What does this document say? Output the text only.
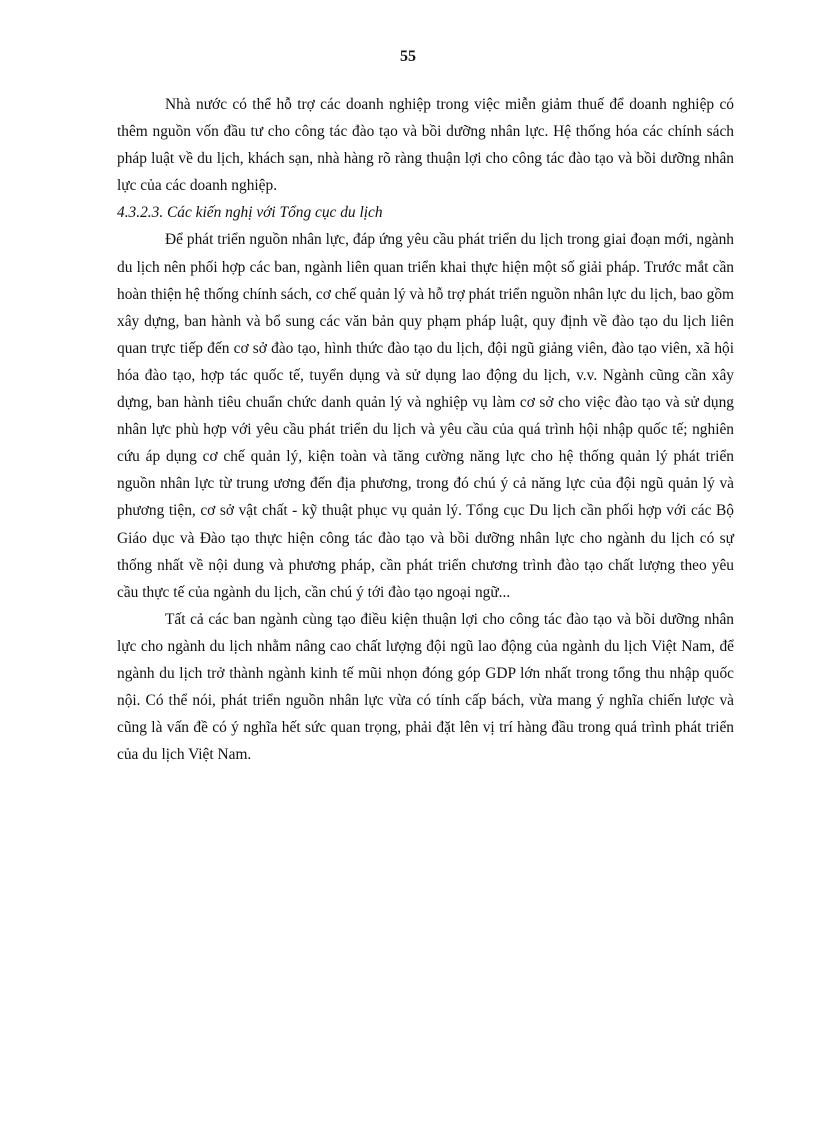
55

Nhà nước có thể hỗ trợ các doanh nghiệp trong việc miễn giảm thuế để doanh nghiệp có thêm nguồn vốn đầu tư cho công tác đào tạo và bồi dưỡng nhân lực. Hệ thống hóa các chính sách pháp luật về du lịch, khách sạn, nhà hàng rõ ràng thuận lợi cho công tác đào tạo và bồi dưỡng nhân lực của các doanh nghiệp.

4.3.2.3. Các kiến nghị với Tổng cục du lịch

Để phát triển nguồn nhân lực, đáp ứng yêu cầu phát triển du lịch trong giai đoạn mới, ngành du lịch nên phối hợp các ban, ngành liên quan triển khai thực hiện một số giải pháp. Trước mắt cần hoàn thiện hệ thống chính sách, cơ chế quản lý và hỗ trợ phát triển nguồn nhân lực du lịch, bao gồm xây dựng, ban hành và bổ sung các văn bản quy phạm pháp luật, quy định về đào tạo du lịch liên quan trực tiếp đến cơ sở đào tạo, hình thức đào tạo du lịch, đội ngũ giảng viên, đào tạo viên, xã hội hóa đào tạo, hợp tác quốc tế, tuyển dụng và sử dụng lao động du lịch, v.v. Ngành cũng cần xây dựng, ban hành tiêu chuẩn chức danh quản lý và nghiệp vụ làm cơ sở cho việc đào tạo và sử dụng nhân lực phù hợp với yêu cầu phát triển du lịch và yêu cầu của quá trình hội nhập quốc tế; nghiên cứu áp dụng cơ chế quản lý, kiện toàn và tăng cường năng lực cho hệ thống quản lý phát triển nguồn nhân lực từ trung ương đến địa phương, trong đó chú ý cả năng lực của đội ngũ quản lý và phương tiện, cơ sở vật chất - kỹ thuật phục vụ quản lý. Tổng cục Du lịch cần phối hợp với các Bộ Giáo dục và Đào tạo thực hiện công tác đào tạo và bồi dưỡng nhân lực cho ngành du lịch có sự thống nhất về nội dung và phương pháp, cần phát triển chương trình đào tạo chất lượng theo yêu cầu thực tế của ngành du lịch, cần chú ý tới đào tạo ngoại ngữ...

Tất cả các ban ngành cùng tạo điều kiện thuận lợi cho công tác đào tạo và bồi dưỡng nhân lực cho ngành du lịch nhằm nâng cao chất lượng đội ngũ lao động của ngành du lịch Việt Nam, để ngành du lịch trở thành ngành kinh tế mũi nhọn đóng góp GDP lớn nhất trong tổng thu nhập quốc nội. Có thể nói, phát triển nguồn nhân lực vừa có tính cấp bách, vừa mang ý nghĩa chiến lược và cũng là vấn đề có ý nghĩa hết sức quan trọng, phải đặt lên vị trí hàng đầu trong quá trình phát triển của du lịch Việt Nam.
